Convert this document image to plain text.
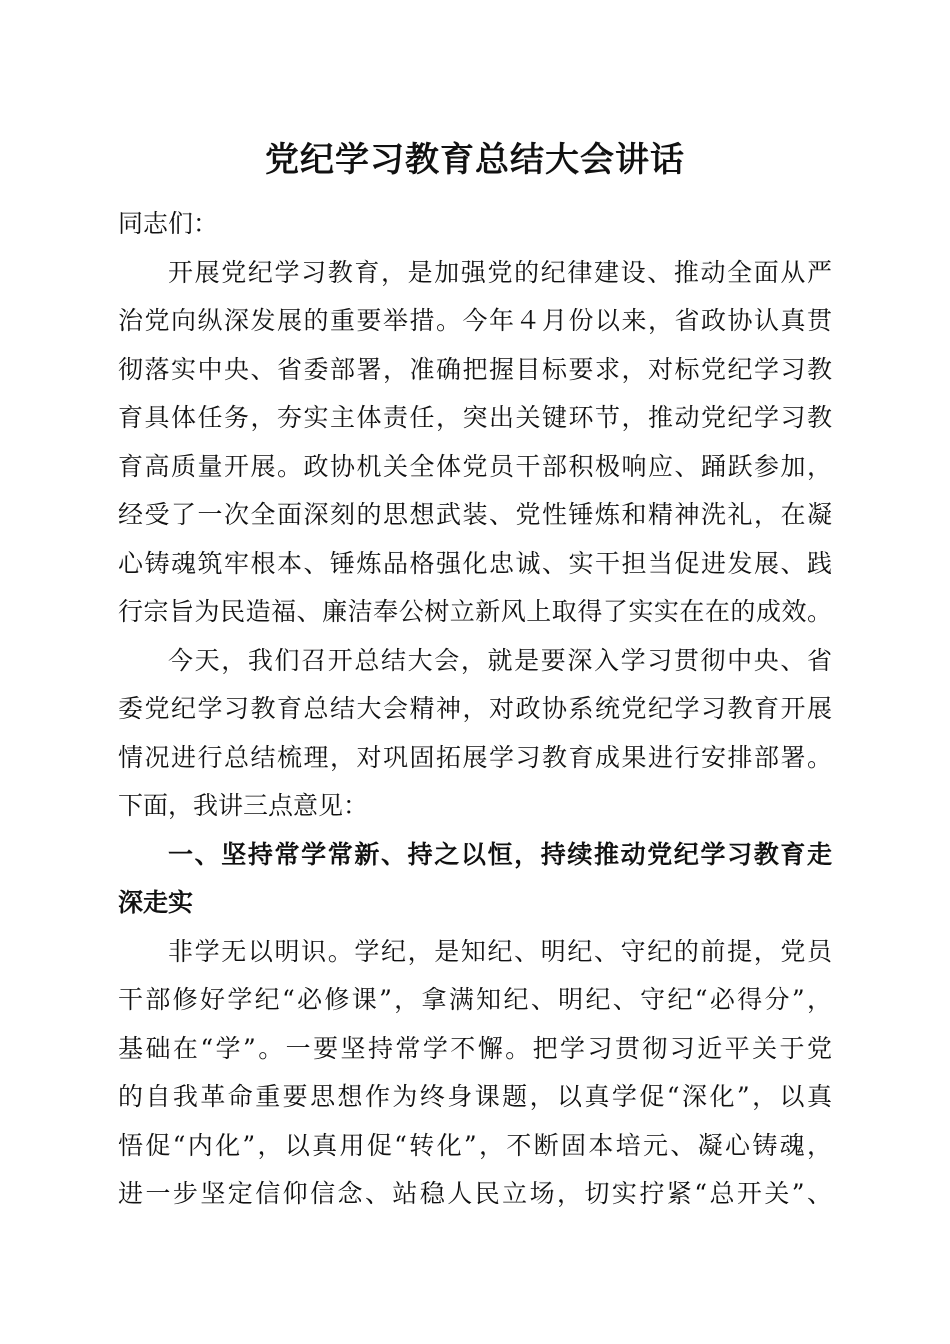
党纪学习教育总结大会讲话
同志们：
开展党纪学习教育，是加强党的纪律建设、推动全面从严
治党向纵深发展的重要举措。今年４月份以来，省政协认真贯
彻落实中央、省委部署，准确把握目标要求，对标党纪学习教
育具体任务，夯实主体责任，突出关键环节，推动党纪学习教
育高质量开展。政协机关全体党员干部积极响应、踊跃参加，
经受了一次全面深刻的思想武装、党性锤炼和精神洗礼，在凝
心铸魂筑牢根本、锤炼品格强化忠诚、实干担当促进发展、践
行宗旨为民造福、廉洁奉公树立新风上取得了实实在在的成效。
今天，我们召开总结大会，就是要深入学习贯彻中央、省
委党纪学习教育总结大会精神，对政协系统党纪学习教育开展
情况进行总结梳理，对巩固拓展学习教育成果进行安排部署。
下面，我讲三点意见：
一、坚持常学常新、持之以恒，持续推动党纪学习教育走
深走实
非学无以明识。学纪，是知纪、明纪、守纪的前提，党员
干部修好学纪“必修课”，拿满知纪、明纪、守纪“必得分”，
基础在“学”。一要坚持常学不懈。把学习贯彻习近平关于党
的自我革命重要思想作为终身课题，以真学促“深化”，以真
悟促“内化”，以真用促“转化”，不断固本培元、凝心铸魂，
进一步坚定信仰信念、站稳人民立场，切实拧紧“总开关”、
